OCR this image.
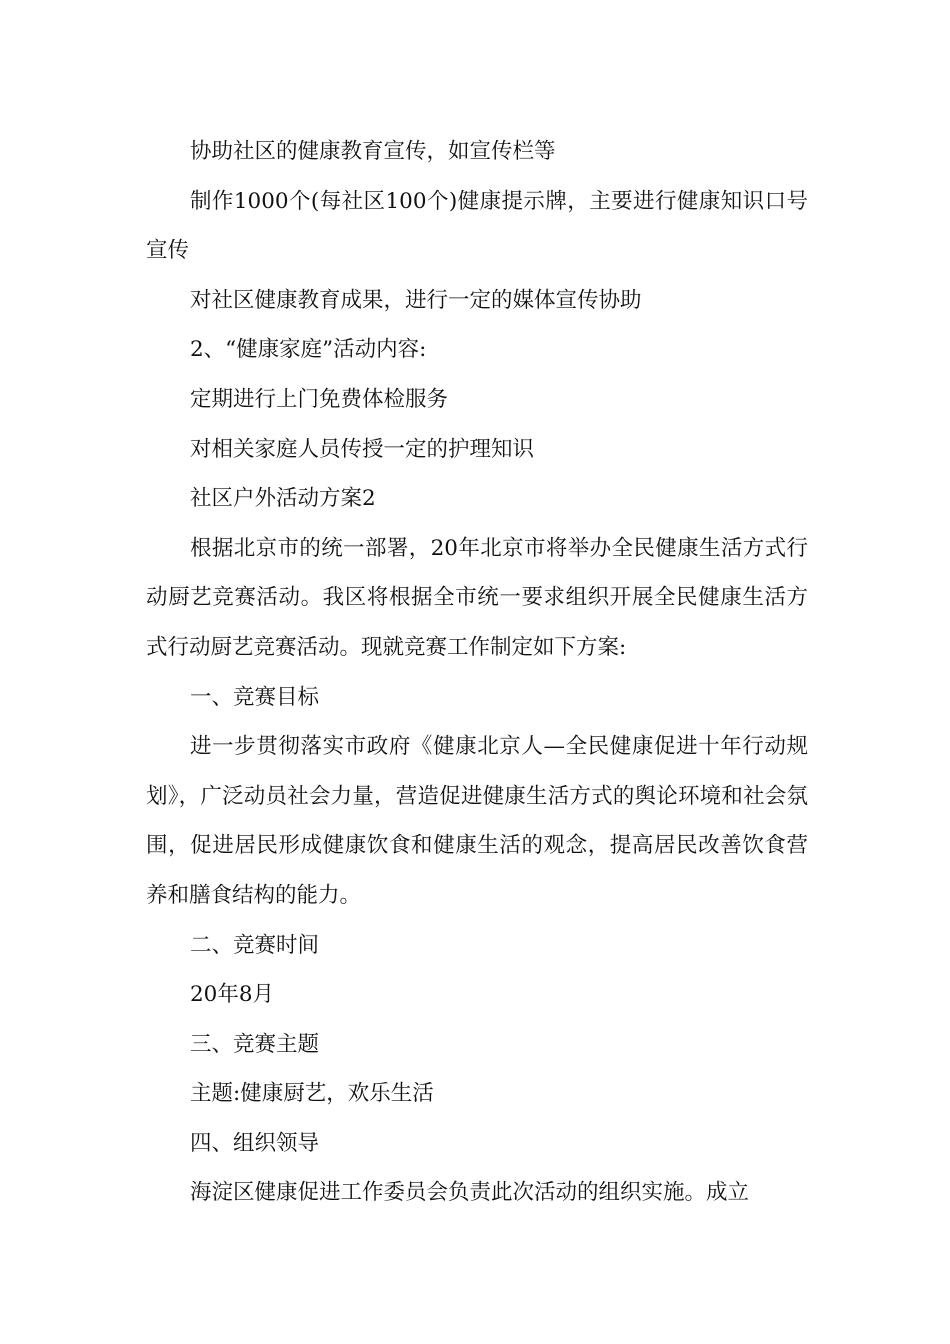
协助社区的健康教育宣传，如宣传栏等

制作1000个(每社区100个)健康提示牌，主要进行健康知识口号宣传

对社区健康教育成果，进行一定的媒体宣传协助

2、“健康家庭”活动内容:

定期进行上门免费体检服务

对相关家庭人员传授一定的护理知识

社区户外活动方案2

根据北京市的统一部署，20年北京市将举办全民健康生活方式行动厨艺竞赛活动。我区将根据全市统一要求组织开展全民健康生活方式行动厨艺竞赛活动。现就竞赛工作制定如下方案:

一、竞赛目标

进一步贯彻落实市政府《健康北京人—全民健康促进十年行动规划》，广泛动员社会力量，营造促进健康生活方式的舆论环境和社会氛围，促进居民形成健康饮食和健康生活的观念，提高居民改善饮食营养和膳食结构的能力。

二、竞赛时间

20年8月

三、竞赛主题

主题:健康厨艺，欢乐生活

四、组织领导

海淀区健康促进工作委员会负责此次活动的组织实施。成立
